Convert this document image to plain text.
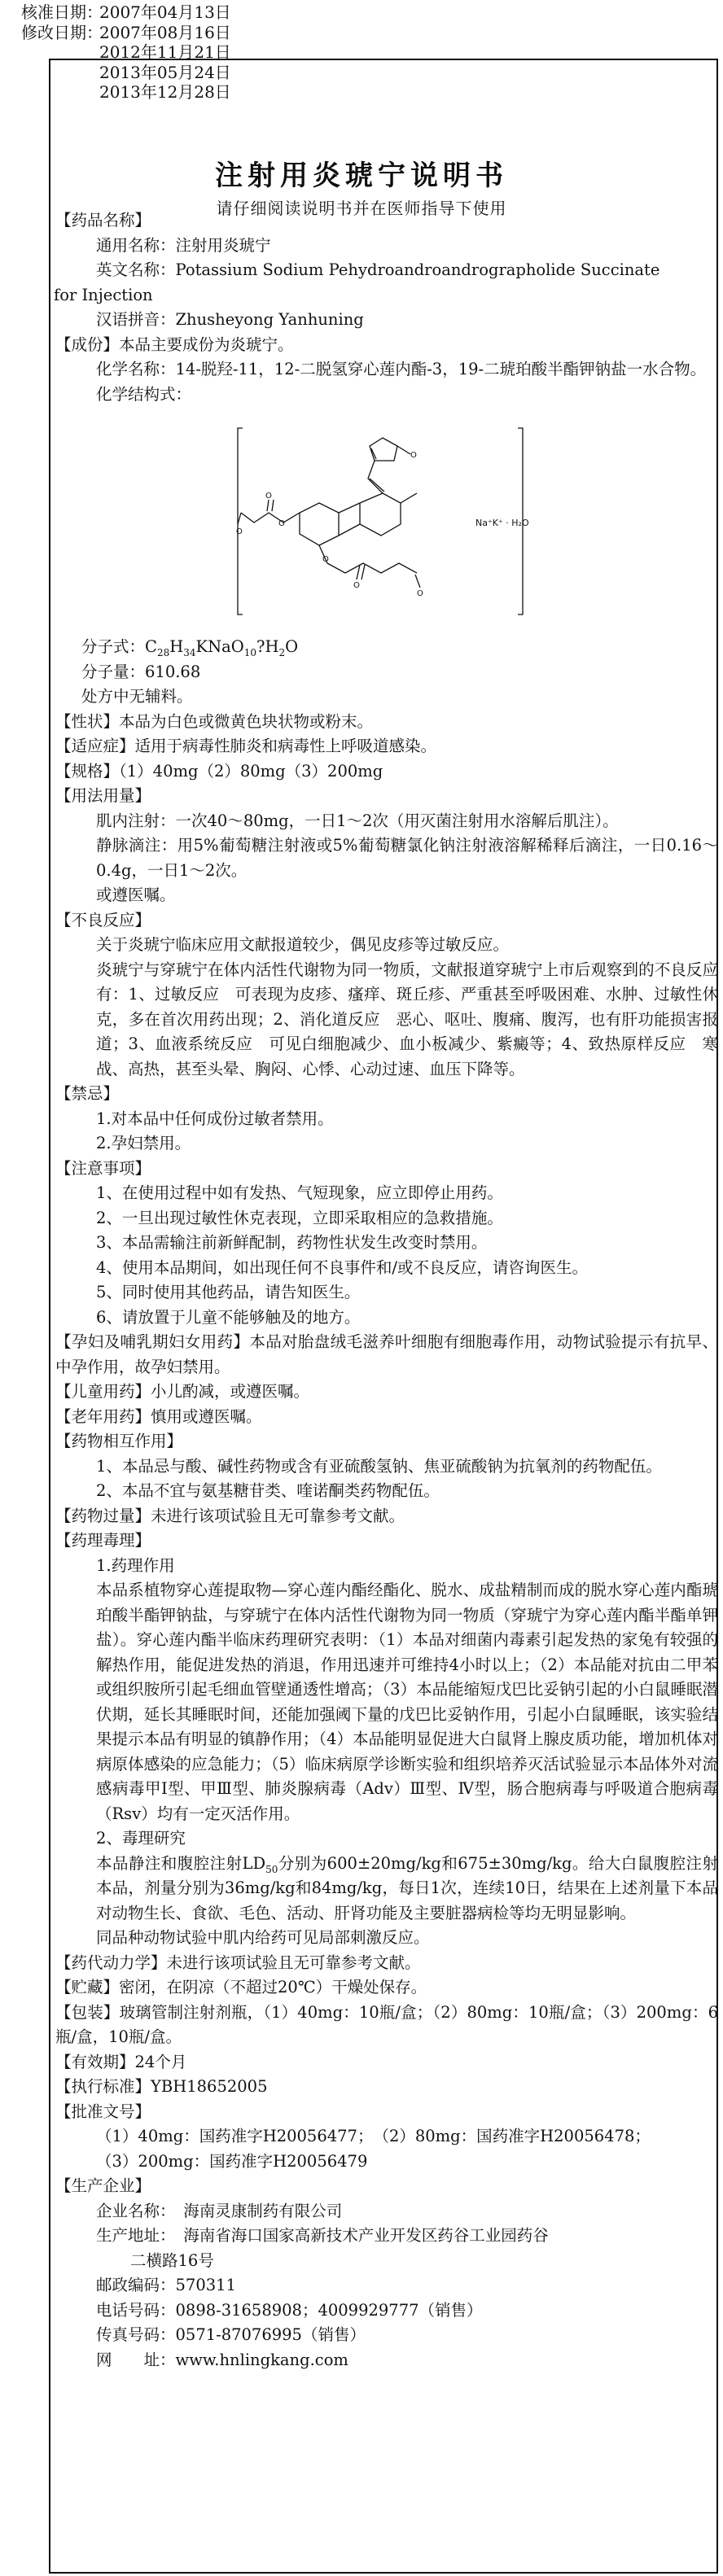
核准日期：2007年04月13日
修改日期：2007年08月16日
2012年11月21日
2013年05月24日
2013年12月28日
注射用炎琥宁说明书
请仔细阅读说明书并在医师指导下使用

【药品名称】

通用名称：注射用炎琥宁

英文名称：Potassium Sodium Pehydroandroandrographolide Succinate

for Injection

汉语拼音：Zhusheyong Yanhuning

【成份】本品主要成份为炎琥宁。

化学名称：14-脱羟-11，12-二脱氢穿心莲内酯-3，19-二琥珀酸半酯钾钠盐一水合物。

化学结构式：

O
O
O
O
O
O
O
Na⁺K⁺ · H₂O

分子式：$C_{28}H_{34}KNaO_{10}?H_2O$

分子量：610.68

处方中无辅料。

【性状】本品为白色或微黄色块状物或粉末。

【适应症】适用于病毒性肺炎和病毒性上呼吸道感染。

【规格】（1）40mg（2）80mg（3）200mg

【用法用量】

肌内注射：一次40～80mg，一日1～2次（用灭菌注射用水溶解后肌注）。

静脉滴注：用5%葡萄糖注射液或5%葡萄糖氯化钠注射液溶解稀释后滴注，一日0.16～0.4g，一日1～2次。

或遵医嘱。

【不良反应】

关于炎琥宁临床应用文献报道较少，偶见皮疹等过敏反应。

炎琥宁与穿琥宁在体内活性代谢物为同一物质，文献报道穿琥宁上市后观察到的不良反应有：1、过敏反应　可表现为皮疹、瘙痒、斑丘疹、严重甚至呼吸困难、水肿、过敏性休克，多在首次用药出现；2、消化道反应　恶心、呕吐、腹痛、腹泻，也有肝功能损害报道；3、血液系统反应　可见白细胞减少、血小板减少、紫癜等；4、致热原样反应　寒战、高热，甚至头晕、胸闷、心悸、心动过速、血压下降等。

【禁忌】

1.对本品中任何成份过敏者禁用。

2.孕妇禁用。

【注意事项】

1、在使用过程中如有发热、气短现象，应立即停止用药。

2、一旦出现过敏性休克表现，立即采取相应的急救措施。

3、本品需输注前新鲜配制，药物性状发生改变时禁用。

4、使用本品期间，如出现任何不良事件和/或不良反应，请咨询医生。

5、同时使用其他药品，请告知医生。

6、请放置于儿童不能够触及的地方。

【孕妇及哺乳期妇女用药】本品对胎盘绒毛滋养叶细胞有细胞毒作用，动物试验提示有抗早、中孕作用，故孕妇禁用。

【儿童用药】小儿酌减，或遵医嘱。

【老年用药】慎用或遵医嘱。

【药物相互作用】

1、本品忌与酸、碱性药物或含有亚硫酸氢钠、焦亚硫酸钠为抗氧剂的药物配伍。

2、本品不宜与氨基糖苷类、喹诺酮类药物配伍。

【药物过量】未进行该项试验且无可靠参考文献。

【药理毒理】

1.药理作用

本品系植物穿心莲提取物—穿心莲内酯经酯化、脱水、成盐精制而成的脱水穿心莲内酯琥珀酸半酯钾钠盐，与穿琥宁在体内活性代谢物为同一物质（穿琥宁为穿心莲内酯半酯单钾盐）。穿心莲内酯半临床药理研究表明：（1）本品对细菌内毒素引起发热的家兔有较强的解热作用，能促进发热的消退，作用迅速并可维持4小时以上；（2）本品能对抗由二甲苯或组织胺所引起毛细血管壁通透性增高；（3）本品能缩短戊巴比妥钠引起的小白鼠睡眠潜伏期，延长其睡眠时间，还能加强阈下量的戊巴比妥钠作用，引起小白鼠睡眠，该实验结果提示本品有明显的镇静作用；（4）本品能明显促进大白鼠肾上腺皮质功能，增加机体对病原体感染的应急能力；（5）临床病原学诊断实验和组织培养灭活试验显示本品体外对流感病毒甲Ⅰ型、甲Ⅲ型、肺炎腺病毒（Adv）Ⅲ型、Ⅳ型，肠合胞病毒与呼吸道合胞病毒（Rsv）均有一定灭活作用。

2、毒理研究

本品静注和腹腔注射$LD_{50}$分别为600±20mg/kg和675±30mg/kg。给大白鼠腹腔注射本品，剂量分别为36mg/kg和84mg/kg，每日1次，连续10日，结果在上述剂量下本品对动物生长、食欲、毛色、活动、肝肾功能及主要脏器病检等均无明显影响。

同品种动物试验中肌内给药可见局部刺激反应。

【药代动力学】未进行该项试验且无可靠参考文献。

【贮藏】密闭，在阴凉（不超过20℃）干燥处保存。

【包装】玻璃管制注射剂瓶，（1）40mg：10瓶/盒；（2）80mg：10瓶/盒；（3）200mg：6瓶/盒，10瓶/盒。

【有效期】24个月

【执行标准】YBH18652005

【批准文号】

（1）40mg：国药准字H20056477；　（2）80mg：国药准字H20056478；

（3）200mg：国药准字H20056479

【生产企业】

企业名称：　海南灵康制药有限公司

生产地址：　海南省海口国家高新技术产业开发区药谷工业园药谷

二横路16号

邮政编码：570311

电话号码：0898-31658908；4009929777（销售）

传真号码：0571-87076995（销售）

网　　址：www.hnlingkang.com
